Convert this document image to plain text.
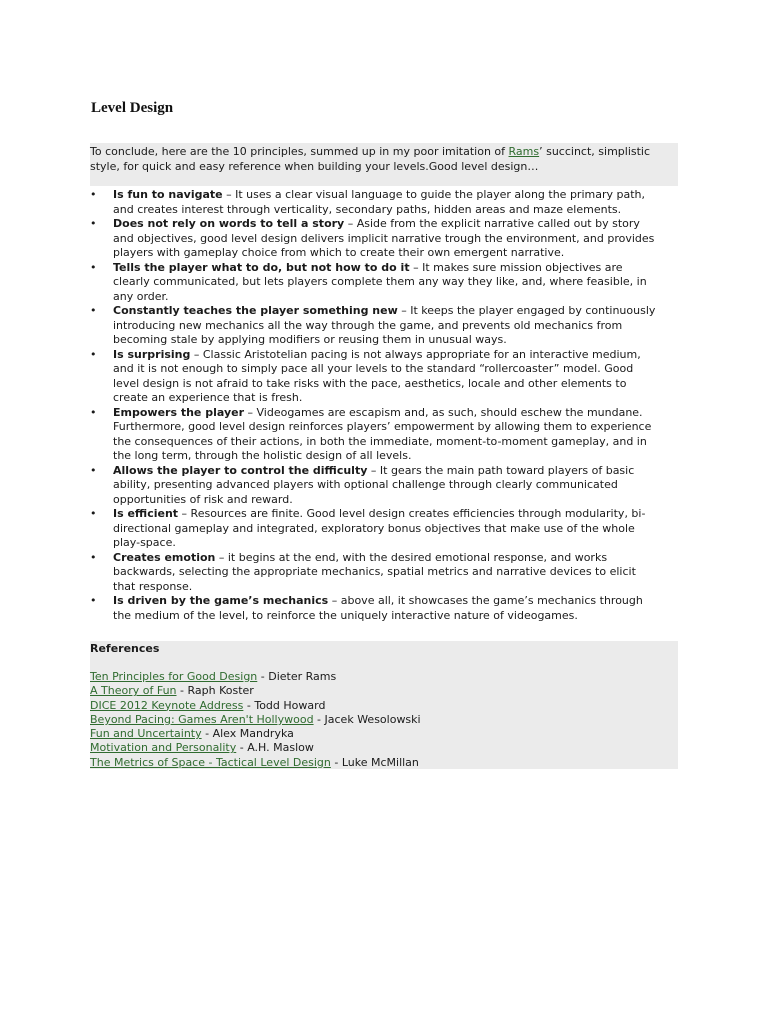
Level Design
To conclude, here are the 10 principles, summed up in my poor imitation of Rams’ succinct, simplistic style, for quick and easy reference when building your levels.Good level design…
• Is fun to navigate – It uses a clear visual language to guide the player along the primary path, and creates interest through verticality, secondary paths, hidden areas and maze elements.
• Does not rely on words to tell a story – Aside from the explicit narrative called out by story and objectives, good level design delivers implicit narrative trough the environment, and provides players with gameplay choice from which to create their own emergent narrative.
• Tells the player what to do, but not how to do it – It makes sure mission objectives are clearly communicated, but lets players complete them any way they like, and, where feasible, in any order.
• Constantly teaches the player something new – It keeps the player engaged by continuously introducing new mechanics all the way through the game, and prevents old mechanics from becoming stale by applying modifiers or reusing them in unusual ways.
• Is surprising – Classic Aristotelian pacing is not always appropriate for an interactive medium, and it is not enough to simply pace all your levels to the standard “rollercoaster” model. Good level design is not afraid to take risks with the pace, aesthetics, locale and other elements to create an experience that is fresh.
• Empowers the player – Videogames are escapism and, as such, should eschew the mundane. Furthermore, good level design reinforces players’ empowerment by allowing them to experience the consequences of their actions, in both the immediate, moment-to-moment gameplay, and in the long term, through the holistic design of all levels.
• Allows the player to control the difficulty – It gears the main path toward players of basic ability, presenting advanced players with optional challenge through clearly communicated opportunities of risk and reward.
• Is efficient – Resources are finite. Good level design creates efficiencies through modularity, bi-directional gameplay and integrated, exploratory bonus objectives that make use of the whole play-space.
• Creates emotion – it begins at the end, with the desired emotional response, and works backwards, selecting the appropriate mechanics, spatial metrics and narrative devices to elicit that response.
• Is driven by the game’s mechanics – above all, it showcases the game’s mechanics through the medium of the level, to reinforce the uniquely interactive nature of videogames.
References
Ten Principles for Good Design - Dieter Rams
A Theory of Fun - Raph Koster
DICE 2012 Keynote Address - Todd Howard
Beyond Pacing: Games Aren't Hollywood - Jacek Wesolowski
Fun and Uncertainty - Alex Mandryka
Motivation and Personality - A.H. Maslow
The Metrics of Space - Tactical Level Design - Luke McMillan
